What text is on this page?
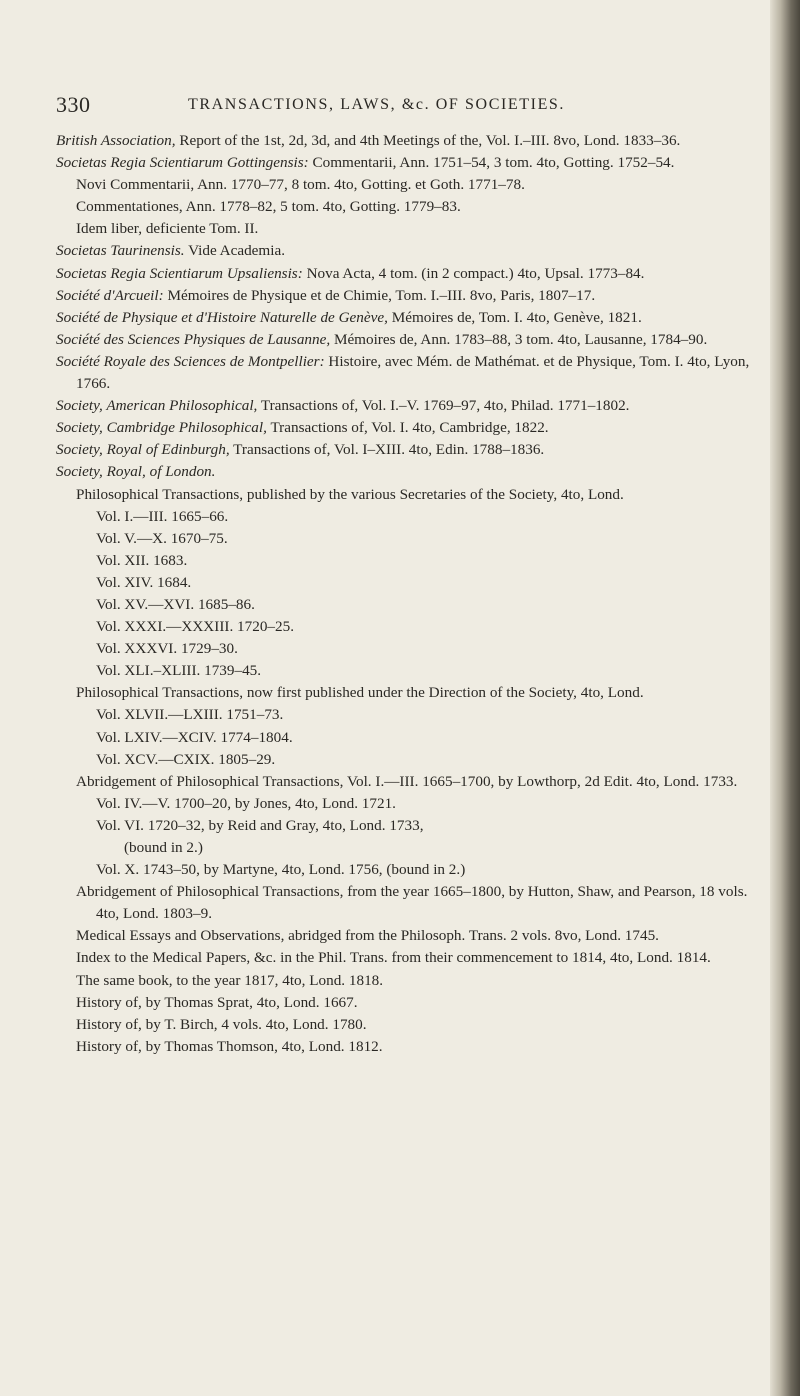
330	TRANSACTIONS, LAWS, &c. OF SOCIETIES.

British Association, Report of the 1st, 2d, 3d, and 4th Meetings of the, Vol. I.–III. 8vo, Lond. 1833–36.

Societas Regia Scientiarum Gottingensis: Commentarii, Ann. 1751–54, 3 tom. 4to, Gotting. 1752–54.

Novi Commentarii, Ann. 1770–77, 8 tom. 4to, Gotting. et Goth. 1771–78.

Commentationes, Ann. 1778–82, 5 tom. 4to, Gotting. 1779–83.

Idem liber, deficiente Tom. II.

Societas Taurinensis. Vide Academia.

Societas Regia Scientiarum Upsaliensis: Nova Acta, 4 tom. (in 2 compact.) 4to, Upsal. 1773–84.

Société d'Arcueil: Mémoires de Physique et de Chimie, Tom. I.–III. 8vo, Paris, 1807–17.

Société de Physique et d'Histoire Naturelle de Genève, Mémoires de, Tom. I. 4to, Genève, 1821.

Société des Sciences Physiques de Lausanne, Mémoires de, Ann. 1783–88, 3 tom. 4to, Lausanne, 1784–90.

Société Royale des Sciences de Montpellier: Histoire, avec Mém. de Mathémat. et de Physique, Tom. I. 4to, Lyon, 1766.

Society, American Philosophical, Transactions of, Vol. I.–V. 1769–97, 4to, Philad. 1771–1802.

Society, Cambridge Philosophical, Transactions of, Vol. I. 4to, Cambridge, 1822.

Society, Royal of Edinburgh, Transactions of, Vol. I–XIII. 4to, Edin. 1788–1836.

Society, Royal, of London.

Philosophical Transactions, published by the various Secretaries of the Society, 4to, Lond.

Vol. I.—III. 1665–66.

Vol. V.—X. 1670–75.

Vol. XII. 1683.

Vol. XIV. 1684.

Vol. XV.—XVI. 1685–86.

Vol. XXXI.—XXXIII. 1720–25.

Vol. XXXVI. 1729–30.

Vol. XLI.–XLIII. 1739–45.

Philosophical Transactions, now first published under the Direction of the Society, 4to, Lond.

Vol. XLVII.—LXIII. 1751–73.

Vol. LXIV.—XCIV. 1774–1804.

Vol. XCV.—CXIX. 1805–29.

Abridgement of Philosophical Transactions, Vol. I.—III. 1665–1700, by Lowthorp, 2d Edit. 4to, Lond. 1733.

Vol. IV.—V. 1700–20, by Jones, 4to, Lond. 1721.

Vol. VI. 1720–32, by Reid and Gray, 4to, Lond. 1733,
(bound in 2.)

Vol. X. 1743–50, by Martyne, 4to, Lond. 1756, (bound in 2.)

Abridgement of Philosophical Transactions, from the year 1665–1800, by Hutton, Shaw, and Pearson, 18 vols. 4to, Lond. 1803–9.

Medical Essays and Observations, abridged from the Philosoph. Trans. 2 vols. 8vo, Lond. 1745.

Index to the Medical Papers, &c. in the Phil. Trans. from their commencement to 1814, 4to, Lond. 1814.

The same book, to the year 1817, 4to, Lond. 1818.

History of, by Thomas Sprat, 4to, Lond. 1667.

History of, by T. Birch, 4 vols. 4to, Lond. 1780.

History of, by Thomas Thomson, 4to, Lond. 1812.
